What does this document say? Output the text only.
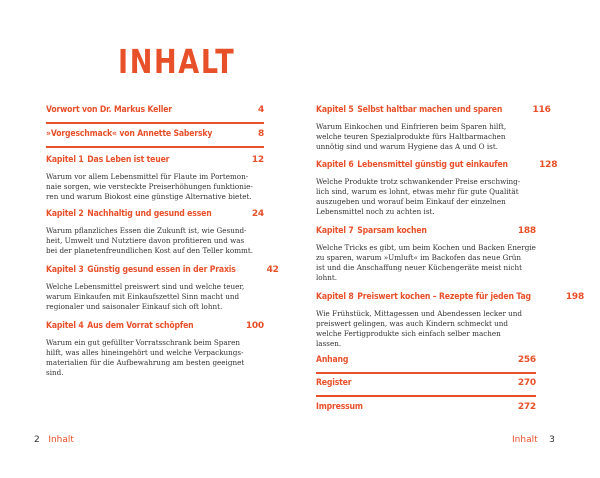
INHALT
Vorwort von Dr. Markus Keller	4
»Vorgeschmack« von Annette Sabersky	8
Kapitel 1 Das Leben ist teuer	12
Warum vor allem Lebensmittel für Flaute im Portemon-
naie sorgen, wie versteckte Preiserhöhungen funktionie-
ren und warum Biokost eine günstige Alternative bietet.
Kapitel 2 Nachhaltig und gesund essen	24
Warum pflanzliches Essen die Zukunft ist, wie Gesund-
heit, Umwelt und Nutztiere davon profitieren und was
bei der planetenfreundlichen Kost auf den Teller kommt.
Kapitel 3 Günstig gesund essen in der Praxis	42
Welche Lebensmittel preiswert sind und welche teuer,
warum Einkaufen mit Einkaufszettel Sinn macht und
regionaler und saisonaler Einkauf sich oft lohnt.
Kapitel 4 Aus dem Vorrat schöpfen	100
Warum ein gut gefüllter Vorratsschrank beim Sparen
hilft, was alles hineingehört und welche Verpackungs-
materialien für die Aufbewahrung am besten geeignet
sind.
2 Inhalt
Kapitel 5 Selbst haltbar machen und sparen	116
Warum Einkochen und Einfrieren beim Sparen hilft,
welche teuren Spezialprodukte fürs Haltbarmachen
unnötig sind und warum Hygiene das A und O ist.
Kapitel 6 Lebensmittel günstig gut einkaufen	128
Welche Produkte trotz schwankender Preise erschwing-
lich sind, warum es lohnt, etwas mehr für gute Qualität
auszugeben und worauf beim Einkauf der einzelnen
Lebensmittel noch zu achten ist.
Kapitel 7 Sparsam kochen	188
Welche Tricks es gibt, um beim Kochen und Backen Energie
zu sparen, warum »Umluft« im Backofen das neue Grün
ist und die Anschaffung neuer Küchengeräte meist nicht
lohnt.
Kapitel 8 Preiswert kochen – Rezepte für jeden Tag	198
Wie Frühstück, Mittagessen und Abendessen lecker und
preiswert gelingen, was auch Kindern schmeckt und
welche Fertigprodukte sich einfach selber machen
lassen.
Anhang	256
Register	270
Impressum	272
Inhalt 3
